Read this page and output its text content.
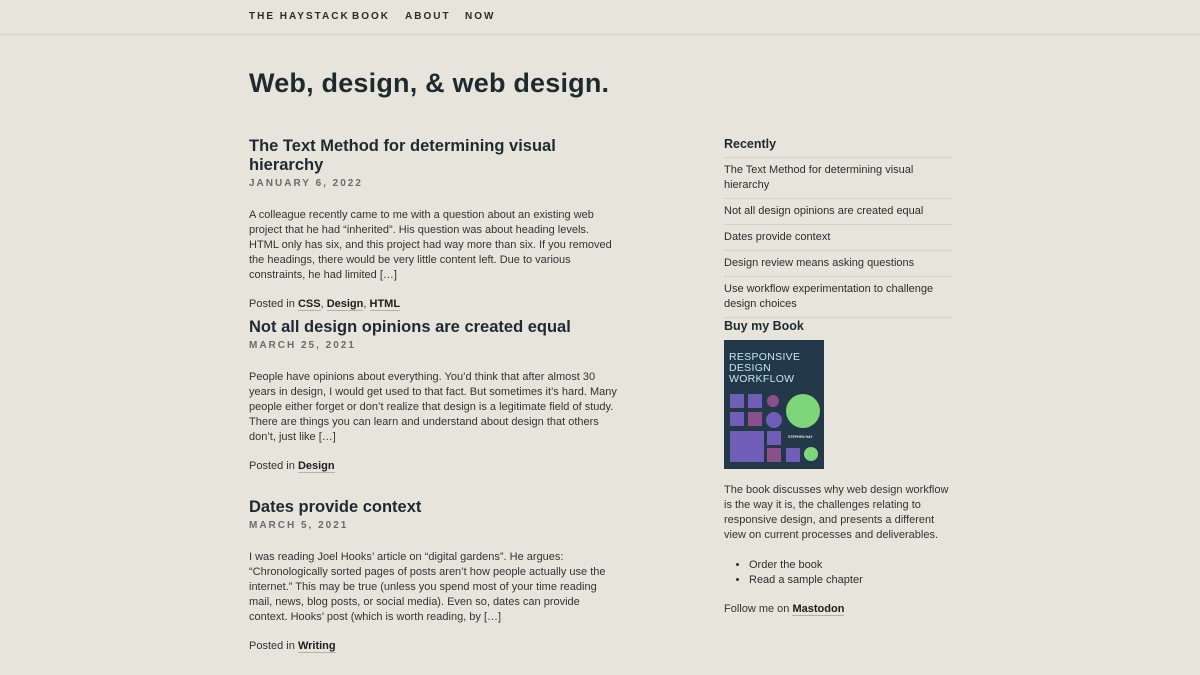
THE HAYSTACK BOOK ABOUT NOW
Web, design, & web design.
The Text Method for determining visual hierarchy
JANUARY 6, 2022

A colleague recently came to me with a question about an existing web project that he had “inherited”. His question was about heading levels. HTML only has six, and this project had way more than six. If you removed the headings, there would be very little content left. Due to various constraints, he had limited […]

Posted in CSS, Design, HTML
Not all design opinions are created equal
MARCH 25, 2021

People have opinions about everything. You’d think that after almost 30 years in design, I would get used to that fact. But sometimes it’s hard. Many people either forget or don’t realize that design is a legitimate field of study. There are things you can learn and understand about design that others don’t, just like […]

Posted in Design
Dates provide context
MARCH 5, 2021

I was reading Joel Hooks’ article on “digital gardens”. He argues: “Chronologically sorted pages of posts aren’t how people actually use the internet.” This may be true (unless you spend most of your time reading mail, news, blog posts, or social media). Even so, dates can provide context. Hooks’ post (which is worth reading, by […]

Posted in Writing
Recently
The Text Method for determining visual hierarchy
Not all design opinions are created equal
Dates provide context
Design review means asking questions
Use workflow experimentation to challenge design choices
Buy my Book
RESPONSIVE
DESIGN
WORKFLOW
STEPHEN HAY

The book discusses why web design workflow is the way it is, the challenges relating to responsive design, and presents a different view on current processes and deliverables.

• Order the book
• Read a sample chapter

Follow me on Mastodon
